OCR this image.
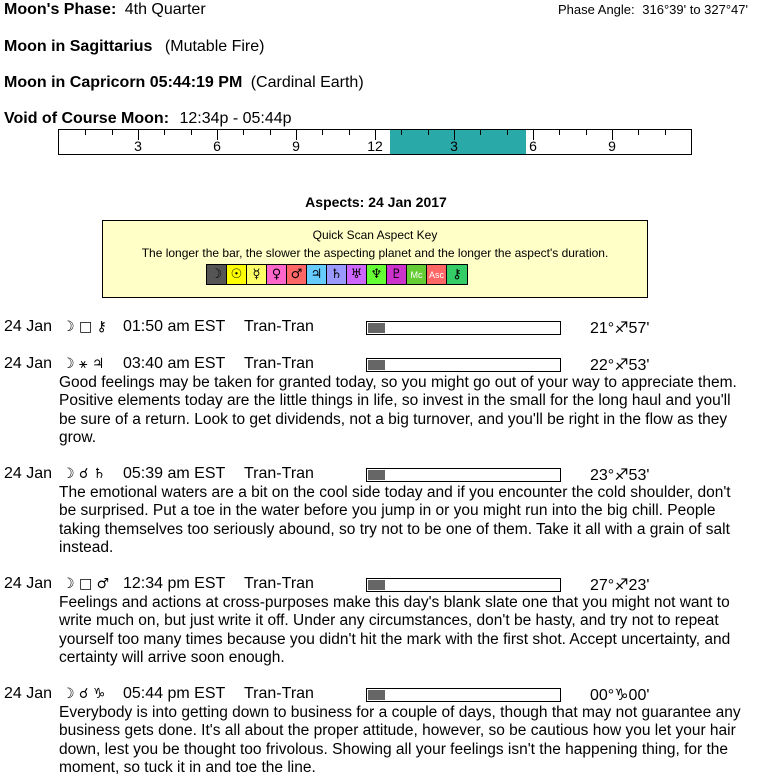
Moon's Phase: 4th Quarter	Phase Angle: 316°39' to 327°47'
Moon in Sagittarius (Mutable Fire)
Moon in Capricorn 05:44:19 PM (Cardinal Earth)
Void of Course Moon: 12:34p - 05:44p
3	6	9	12	3	6	9
Aspects: 24 Jan 2017
Quick Scan Aspect Key
The longer the bar, the slower the aspecting planet and the longer the aspect's duration.
☽ ☉ ☿ ♀ ♂ ♃ ♄ ♅ ♆ ♇ Mc Asc ⚷
24 Jan ☽ □ ⚷ 01:50 am EST Tran-Tran	21°♐57'
24 Jan ☽ ⚹ ♃ 03:40 am EST Tran-Tran	22°♐53'
Good feelings may be taken for granted today, so you might go out of your way to appreciate them. Positive elements today are the little things in life, so invest in the small for the long haul and you'll be sure of a return. Look to get dividends, not a big turnover, and you'll be right in the flow as they grow.
24 Jan ☽ ☌ ♄ 05:39 am EST Tran-Tran	23°♐53'
The emotional waters are a bit on the cool side today and if you encounter the cold shoulder, don't be surprised. Put a toe in the water before you jump in or you might run into the big chill. People taking themselves too seriously abound, so try not to be one of them. Take it all with a grain of salt instead.
24 Jan ☽ □ ♂ 12:34 pm EST Tran-Tran	27°♐23'
Feelings and actions at cross-purposes make this day's blank slate one that you might not want to write much on, but just write it off. Under any circumstances, don't be hasty, and try not to repeat yourself too many times because you didn't hit the mark with the first shot. Accept uncertainty, and certainty will arrive soon enough.
24 Jan ☽ ☌ ♑ 05:44 pm EST Tran-Tran	00°♑00'
Everybody is into getting down to business for a couple of days, though that may not guarantee any business gets done. It's all about the proper attitude, however, so be cautious how you let your hair down, lest you be thought too frivolous. Showing all your feelings isn't the happening thing, for the moment, so tuck it in and toe the line.
